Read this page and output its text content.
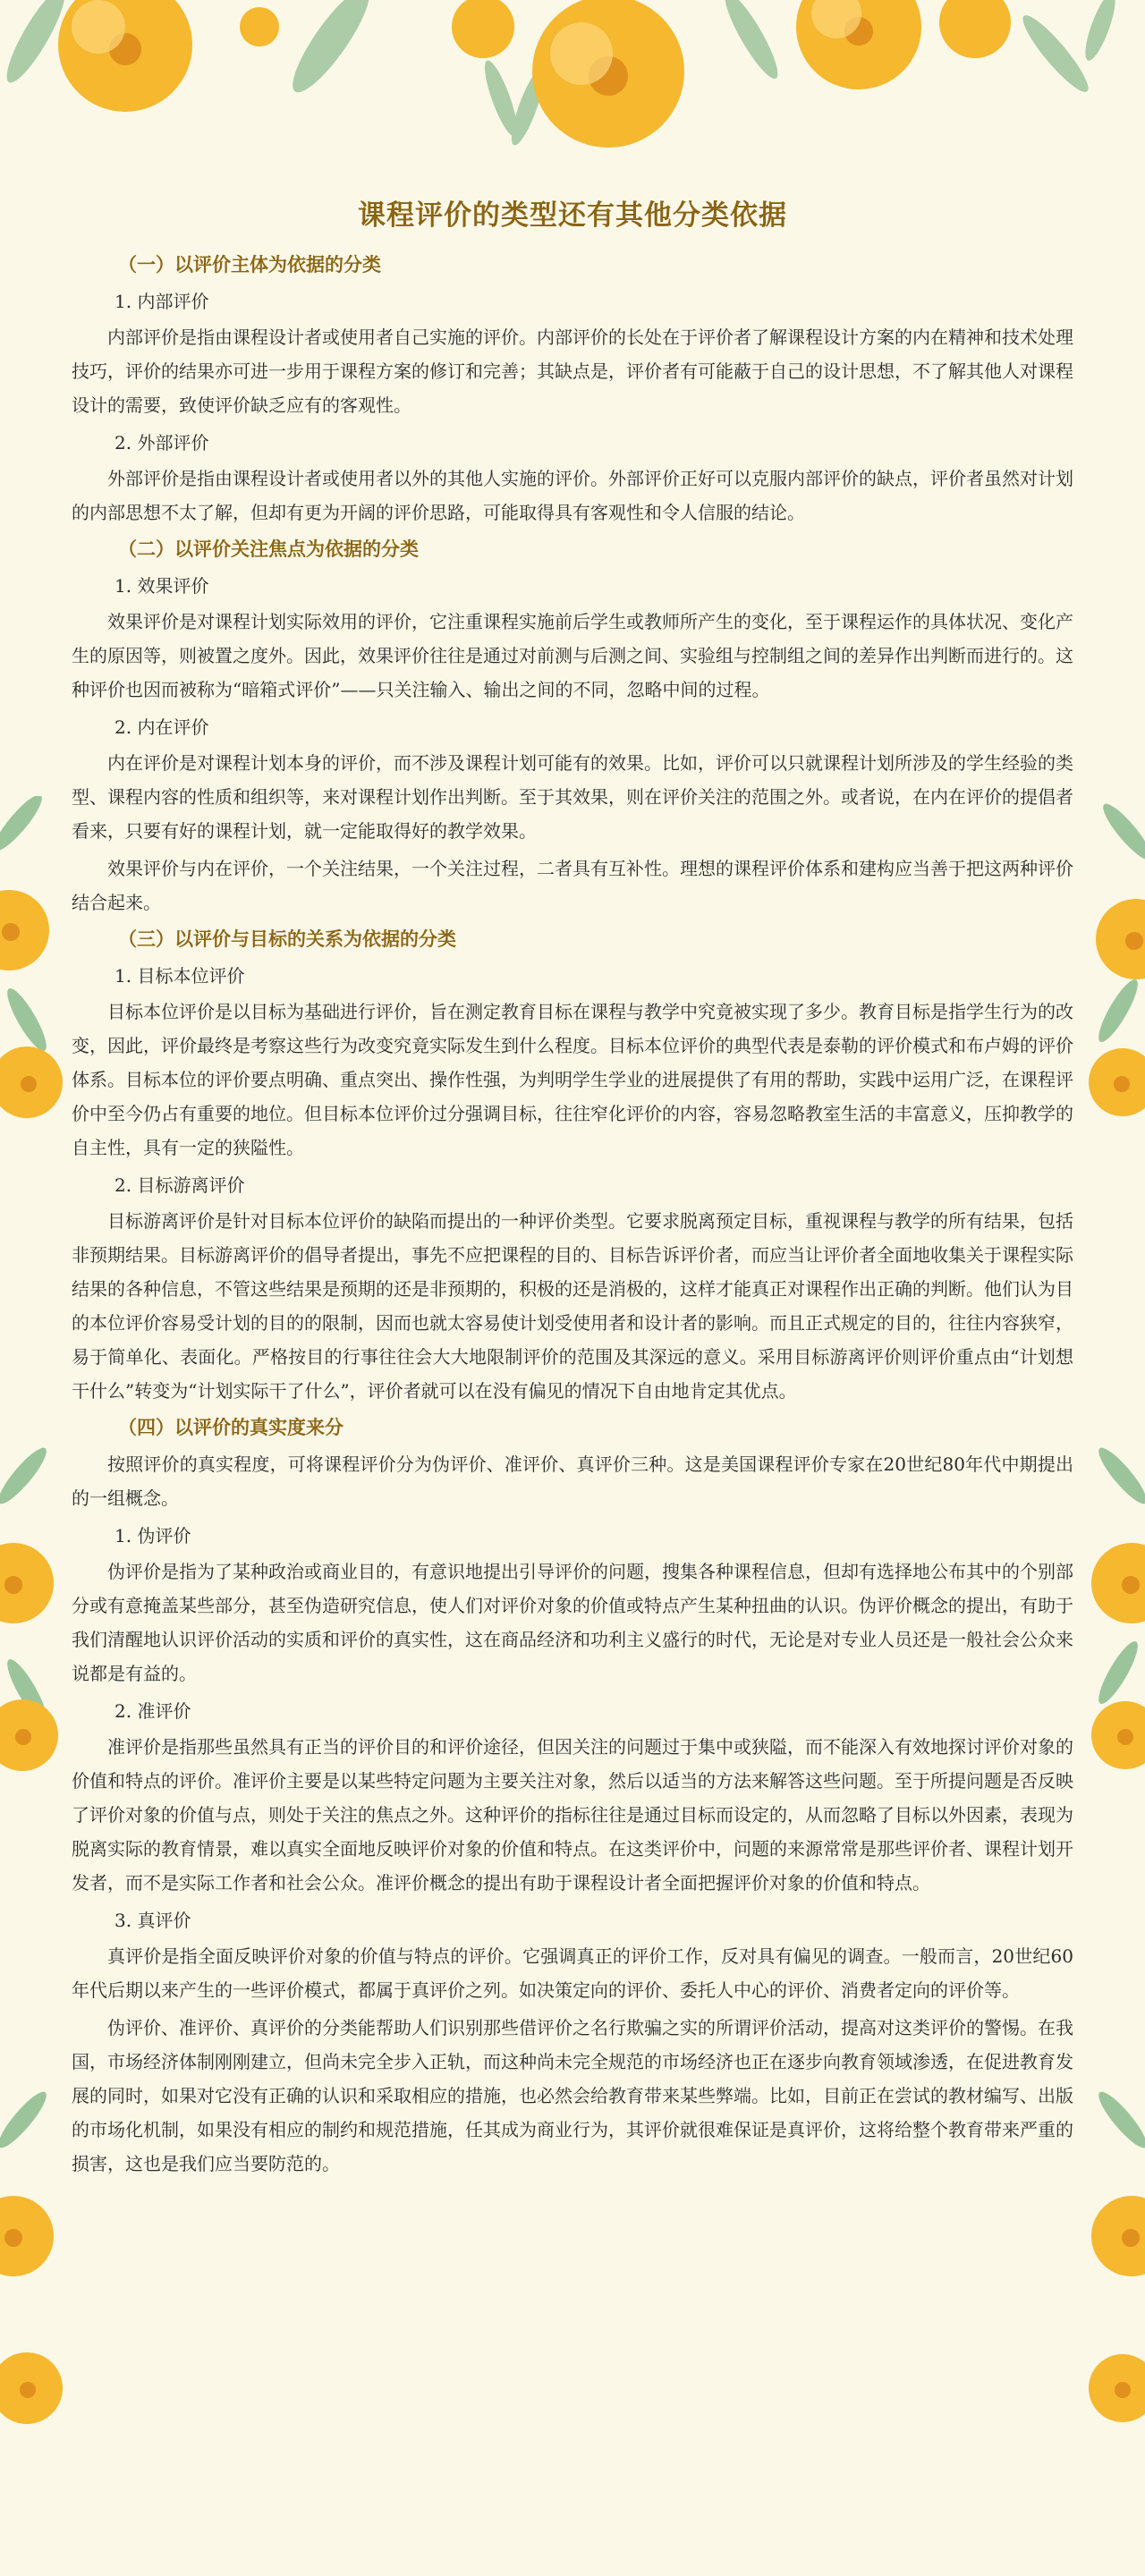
课程评价的类型还有其他分类依据
（一）以评价主体为依据的分类
1. 内部评价

内部评价是指由课程设计者或使用者自己实施的评价。内部评价的长处在于评价者了解课程设计方案的内在精神和技术处理技巧，评价的结果亦可进一步用于课程方案的修订和完善；其缺点是，评价者有可能蔽于自己的设计思想，不了解其他人对课程设计的需要，致使评价缺乏应有的客观性。

2. 外部评价

外部评价是指由课程设计者或使用者以外的其他人实施的评价。外部评价正好可以克服内部评价的缺点，评价者虽然对计划的内部思想不太了解，但却有更为开阔的评价思路，可能取得具有客观性和令人信服的结论。

（二）以评价关注焦点为依据的分类
1. 效果评价

效果评价是对课程计划实际效用的评价，它注重课程实施前后学生或教师所产生的变化，至于课程运作的具体状况、变化产生的原因等，则被置之度外。因此，效果评价往往是通过对前测与后测之间、实验组与控制组之间的差异作出判断而进行的。这种评价也因而被称为“暗箱式评价”——只关注输入、输出之间的不同，忽略中间的过程。

2. 内在评价

内在评价是对课程计划本身的评价，而不涉及课程计划可能有的效果。比如，评价可以只就课程计划所涉及的学生经验的类型、课程内容的性质和组织等，来对课程计划作出判断。至于其效果，则在评价关注的范围之外。或者说，在内在评价的提倡者看来，只要有好的课程计划，就一定能取得好的教学效果。

效果评价与内在评价，一个关注结果，一个关注过程，二者具有互补性。理想的课程评价体系和建构应当善于把这两种评价结合起来。

（三）以评价与目标的关系为依据的分类
1. 目标本位评价

目标本位评价是以目标为基础进行评价，旨在测定教育目标在课程与教学中究竟被实现了多少。教育目标是指学生行为的改变，因此，评价最终是考察这些行为改变究竟实际发生到什么程度。目标本位评价的典型代表是泰勒的评价模式和布卢姆的评价体系。目标本位的评价要点明确、重点突出、操作性强，为判明学生学业的进展提供了有用的帮助，实践中运用广泛，在课程评价中至今仍占有重要的地位。但目标本位评价过分强调目标，往往窄化评价的内容，容易忽略教室生活的丰富意义，压抑教学的自主性，具有一定的狭隘性。

2. 目标游离评价

目标游离评价是针对目标本位评价的缺陷而提出的一种评价类型。它要求脱离预定目标，重视课程与教学的所有结果，包括非预期结果。目标游离评价的倡导者提出，事先不应把课程的目的、目标告诉评价者，而应当让评价者全面地收集关于课程实际结果的各种信息，不管这些结果是预期的还是非预期的，积极的还是消极的，这样才能真正对课程作出正确的判断。他们认为目的本位评价容易受计划的目的的限制，因而也就太容易使计划受使用者和设计者的影响。而且正式规定的目的，往往内容狭窄，易于简单化、表面化。严格按目的行事往往会大大地限制评价的范围及其深远的意义。采用目标游离评价则评价重点由“计划想干什么”转变为“计划实际干了什么”，评价者就可以在没有偏见的情况下自由地肯定其优点。

（四）以评价的真实度来分

按照评价的真实程度，可将课程评价分为伪评价、准评价、真评价三种。这是美国课程评价专家在20世纪80年代中期提出的一组概念。

1. 伪评价

伪评价是指为了某种政治或商业目的，有意识地提出引导评价的问题，搜集各种课程信息，但却有选择地公布其中的个别部分或有意掩盖某些部分，甚至伪造研究信息，使人们对评价对象的价值或特点产生某种扭曲的认识。伪评价概念的提出，有助于我们清醒地认识评价活动的实质和评价的真实性，这在商品经济和功利主义盛行的时代，无论是对专业人员还是一般社会公众来说都是有益的。

2. 准评价

准评价是指那些虽然具有正当的评价目的和评价途径，但因关注的问题过于集中或狭隘，而不能深入有效地探讨评价对象的价值和特点的评价。准评价主要是以某些特定问题为主要关注对象，然后以适当的方法来解答这些问题。至于所提问题是否反映了评价对象的价值与点，则处于关注的焦点之外。这种评价的指标往往是通过目标而设定的，从而忽略了目标以外因素，表现为脱离实际的教育情景，难以真实全面地反映评价对象的价值和特点。在这类评价中，问题的来源常常是那些评价者、课程计划开发者，而不是实际工作者和社会公众。准评价概念的提出有助于课程设计者全面把握评价对象的价值和特点。

3. 真评价

真评价是指全面反映评价对象的价值与特点的评价。它强调真正的评价工作，反对具有偏见的调查。一般而言，20世纪60年代后期以来产生的一些评价模式，都属于真评价之列。如决策定向的评价、委托人中心的评价、消费者定向的评价等。

伪评价、准评价、真评价的分类能帮助人们识别那些借评价之名行欺骗之实的所谓评价活动，提高对这类评价的警惕。在我国，市场经济体制刚刚建立，但尚未完全步入正轨，而这种尚未完全规范的市场经济也正在逐步向教育领域渗透，在促进教育发展的同时，如果对它没有正确的认识和采取相应的措施，也必然会给教育带来某些弊端。比如，目前正在尝试的教材编写、出版的市场化机制，如果没有相应的制约和规范措施，任其成为商业行为，其评价就很难保证是真评价，这将给整个教育带来严重的损害，这也是我们应当要防范的。
